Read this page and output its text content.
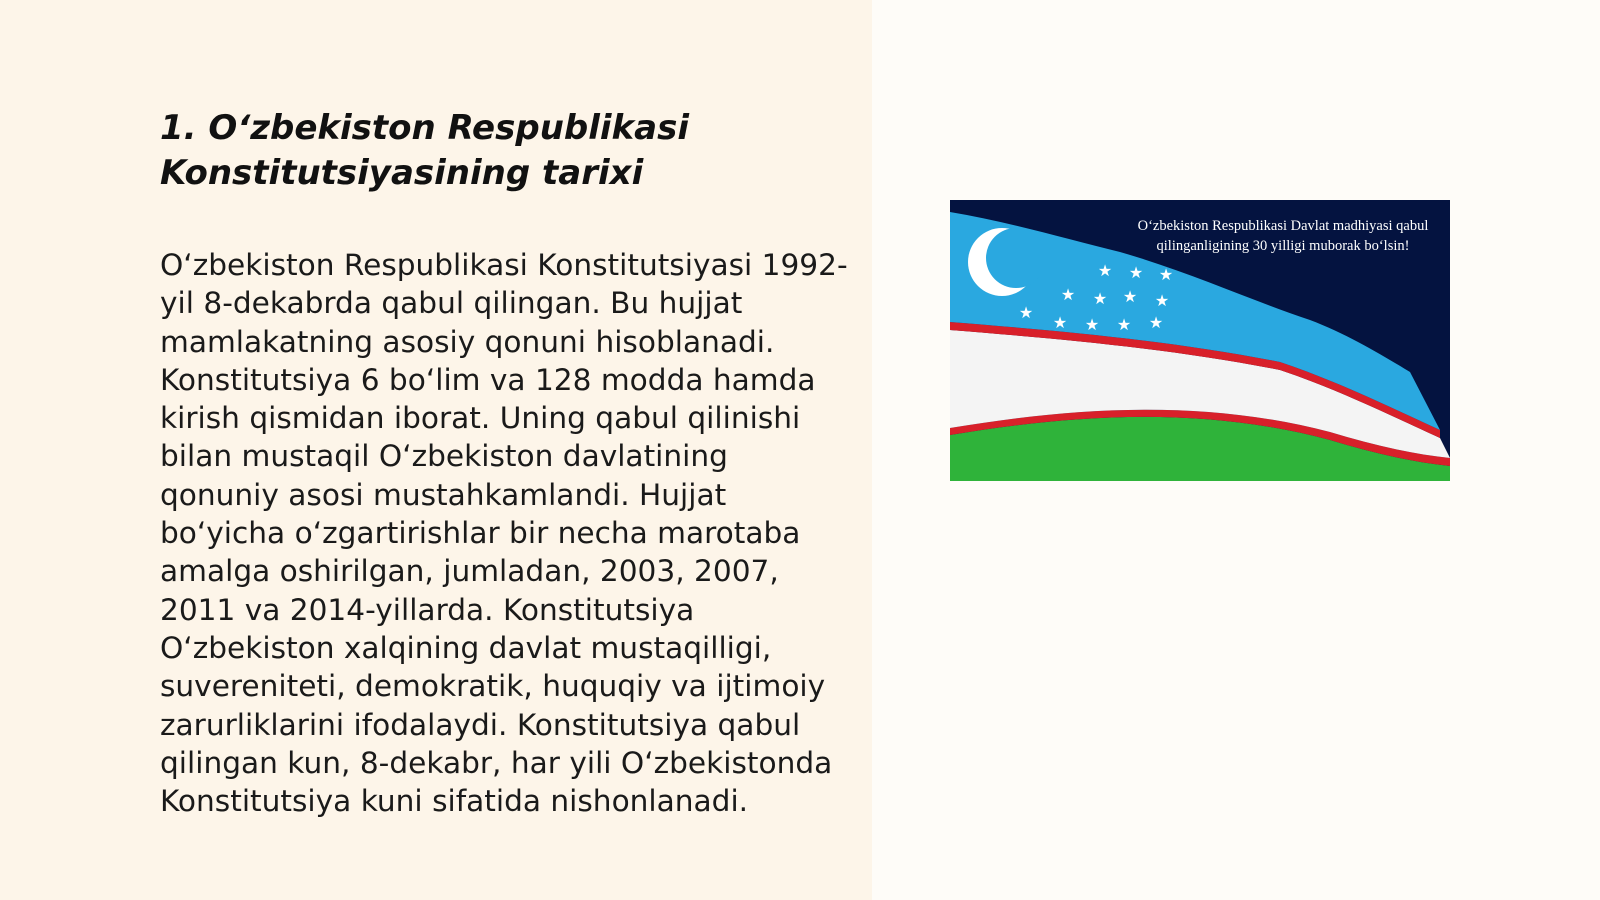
1. O‘zbekiston Respublikasi Konstitutsiyasining tarixi

O‘zbekiston Respublikasi Konstitutsiyasi 1992-yil 8-dekabrda qabul qilingan. Bu hujjat mamlakatning asosiy qonuni hisoblanadi. Konstitutsiya 6 bo‘lim va 128 modda hamda kirish qismidan iborat. Uning qabul qilinishi bilan mustaqil O‘zbekiston davlatining qonuniy asosi mustahkamlandi. Hujjat bo‘yicha o‘zgartirishlar bir necha marotaba amalga oshirilgan, jumladan, 2003, 2007, 2011 va 2014-yillarda. Konstitutsiya O‘zbekiston xalqining davlat mustaqilligi, suvereniteti, demokratik, huquqiy va ijtimoiy zarurliklarini ifodalaydi. Konstitutsiya qabul qilingan kun, 8-dekabr, har yili O‘zbekistonda Konstitutsiya kuni sifatida nishonlanadi.

★ ★ ★
★ ★ ★ ★
★
★ ★ ★ ★
O‘zbekiston Respublikasi Davlat madhiyasi qabul qilinganligining 30 yilligi muborak bo‘lsin!
